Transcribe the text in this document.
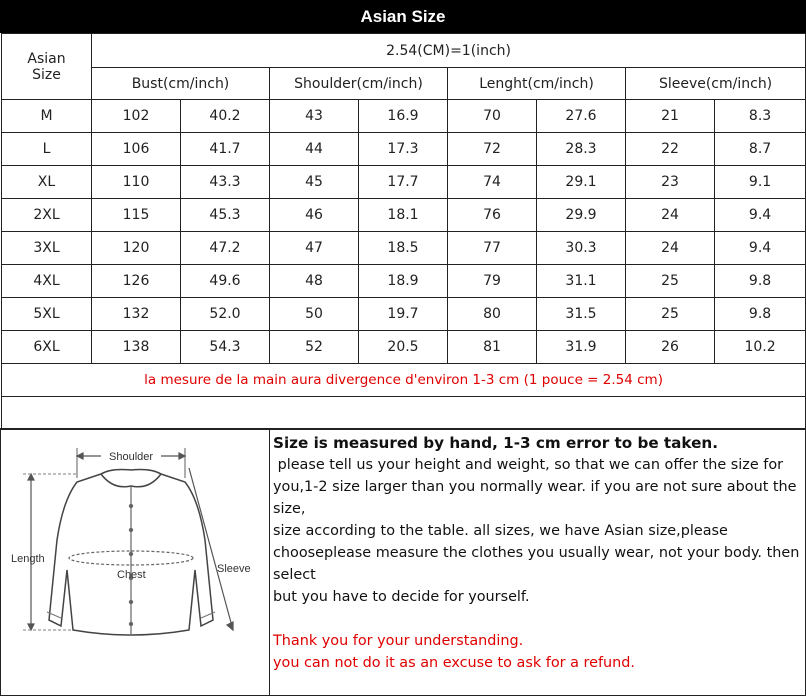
Asian Size
Asian
Size	2.54(CM)=1(inch)							
	Bust(cm/inch)		Shoulder(cm/inch)		Lenght(cm/inch)		Sleeve(cm/inch)	
M	102	40.2	43	16.9	70	27.6	21	8.3
L	106	41.7	44	17.3	72	28.3	22	8.7
XL	110	43.3	45	17.7	74	29.1	23	9.1
2XL	115	45.3	46	18.1	76	29.9	24	9.4
3XL	120	47.2	47	18.5	77	30.3	24	9.4
4XL	126	49.6	48	18.9	79	31.1	25	9.8
5XL	132	52.0	50	19.7	80	31.5	25	9.8
6XL	138	54.3	52	20.5	81	31.9	26	10.2
la mesure de la main aura divergence d'environ 1-3 cm (1 pouce = 2.54 cm)								

Shoulder
Length
Chest	Sleeve
Size is measured by hand, 1-3 cm error to be taken.
please tell us your height and weight, so that we can offer the size for
you,1-2 size larger than you normally wear. if you are not sure about the
size,
size according to the table. all sizes, we have Asian size,please
chooseplease measure the clothes you usually wear, not your body. then
select
but you have to decide for yourself.
Thank you for your understanding.
you can not do it as an excuse to ask for a refund.
